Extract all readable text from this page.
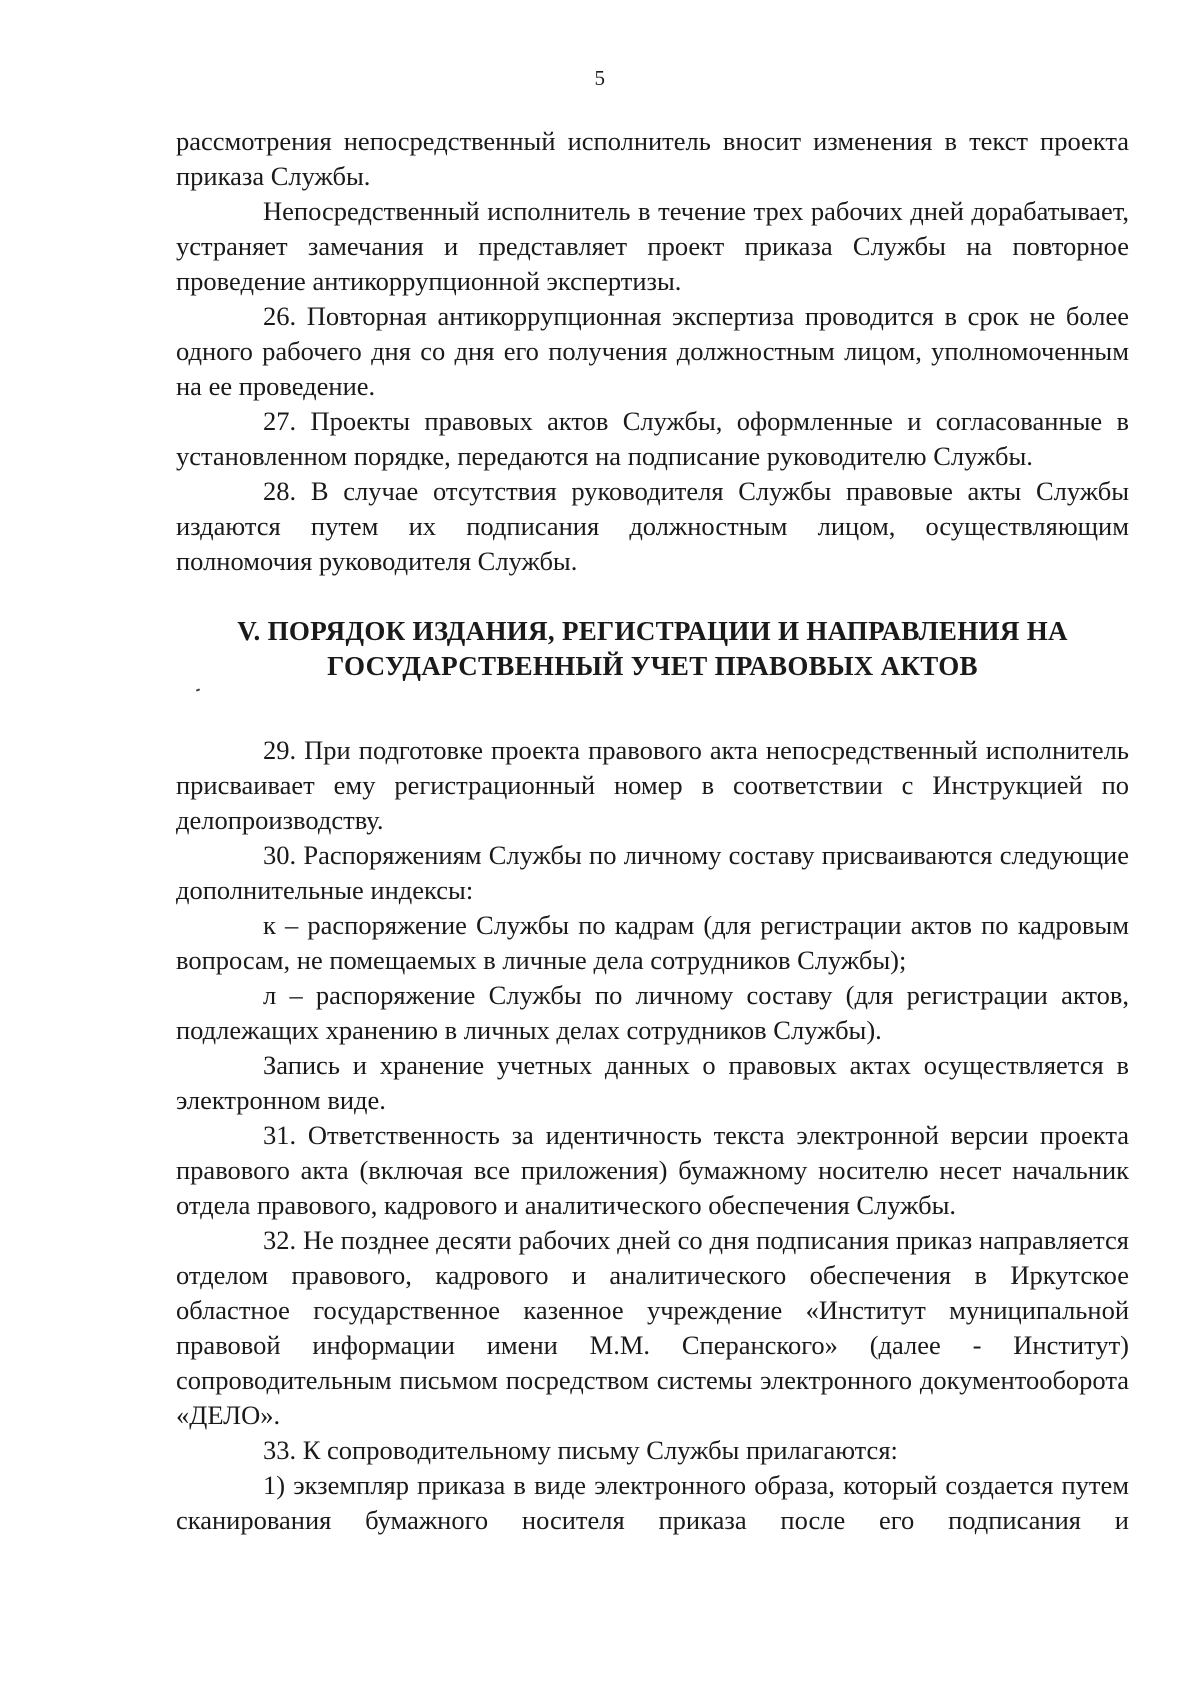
5

рассмотрения непосредственный исполнитель вносит изменения в текст проекта приказа Службы.

Непосредственный исполнитель в течение трех рабочих дней дорабатывает, устраняет замечания и представляет проект приказа Службы на повторное проведение антикоррупционной экспертизы.

26. Повторная антикоррупционная экспертиза проводится в срок не более одного рабочего дня со дня его получения должностным лицом, уполномоченным на ее проведение.

27. Проекты правовых актов Службы, оформленные и согласованные в установленном порядке, передаются на подписание руководителю Службы.

28. В случае отсутствия руководителя Службы правовые акты Службы издаются путем их подписания должностным лицом, осуществляющим полномочия руководителя Службы.

V. ПОРЯДОК ИЗДАНИЯ, РЕГИСТРАЦИИ И НАПРАВЛЕНИЯ НА
ГОСУДАРСТВЕННЫЙ УЧЕТ ПРАВОВЫХ АКТОВ

29. При подготовке проекта правового акта непосредственный исполнитель присваивает ему регистрационный номер в соответствии с Инструкцией по делопроизводству.

30. Распоряжениям Службы по личному составу присваиваются следующие дополнительные индексы:

к – распоряжение Службы по кадрам (для регистрации актов по кадровым вопросам, не помещаемых в личные дела сотрудников Службы);

л – распоряжение Службы по личному составу (для регистрации актов, подлежащих хранению в личных делах сотрудников Службы).

Запись и хранение учетных данных о правовых актах осуществляется в электронном виде.

31. Ответственность за идентичность текста электронной версии проекта правового акта (включая все приложения) бумажному носителю несет начальник отдела правового, кадрового и аналитического обеспечения Службы.

32. Не позднее десяти рабочих дней со дня подписания приказ направляется отделом правового, кадрового и аналитического обеспечения в Иркутское областное государственное казенное учреждение «Институт муниципальной правовой информации имени М.М. Сперанского» (далее - Институт) сопроводительным письмом посредством системы электронного документооборота «ДЕЛО».

33. К сопроводительному письму Службы прилагаются:

1) экземпляр приказа в виде электронного образа, который создается путем сканирования бумажного носителя приказа после его подписания и
